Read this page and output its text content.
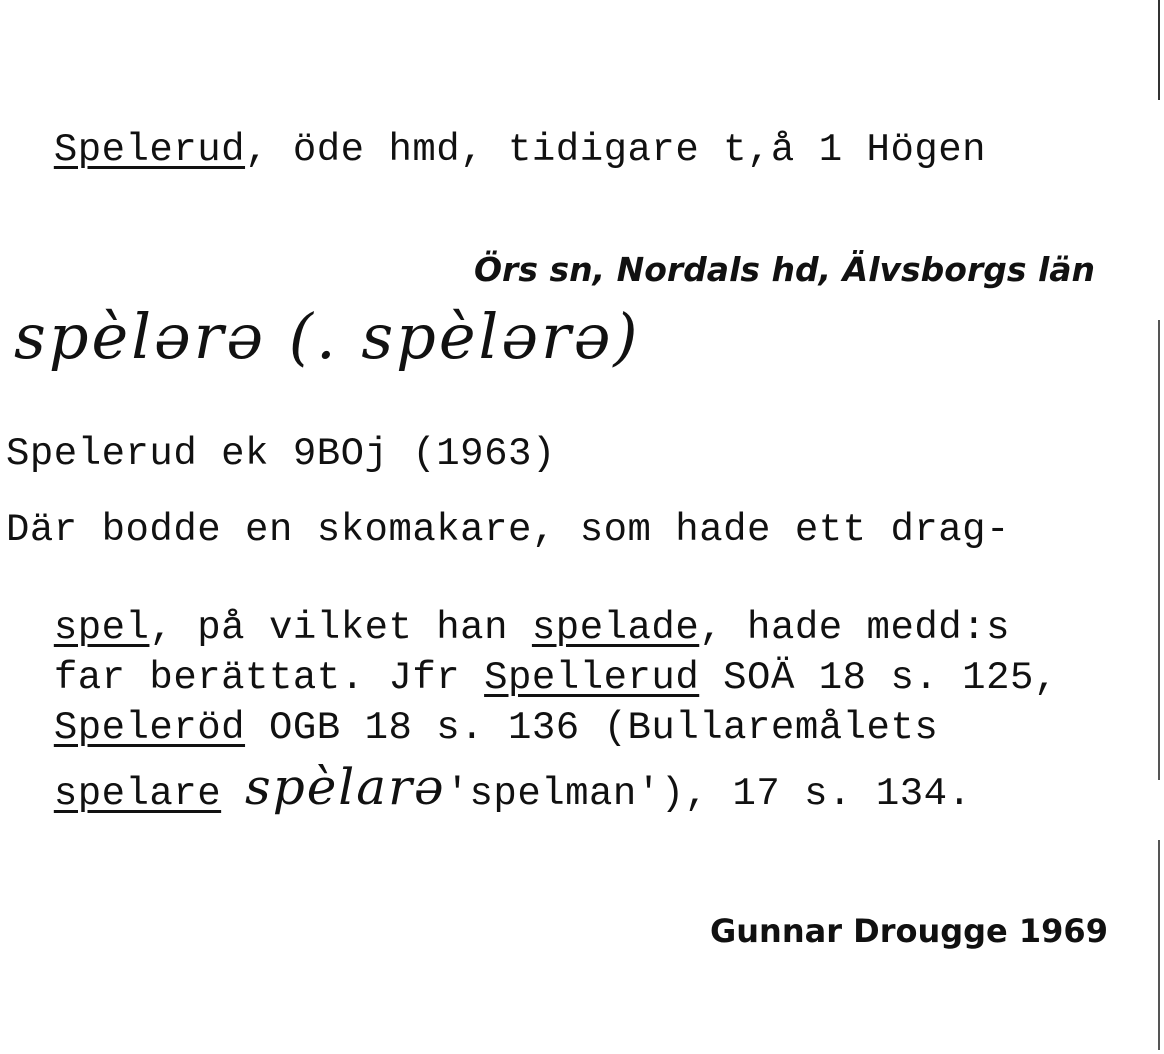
Spelerud, öde hmd, tidigare t,å 1 Högen

Örs sn, Nordals hd, Älvsborgs län
spèlərə (. spèlərə)
Spelerud ek 9BOj (1963)
Där bodde en skomakare, som hade ett drag-

spel, på vilket han spelade, hade medd:s

far berättat. Jfr Spellerud SOÄ 18 s. 125,

Speleröd OGB 18 s. 136 (Bullaremålets

spelare spèlarə'spelman'), 17 s. 134.

Gunnar Drougge 1969
